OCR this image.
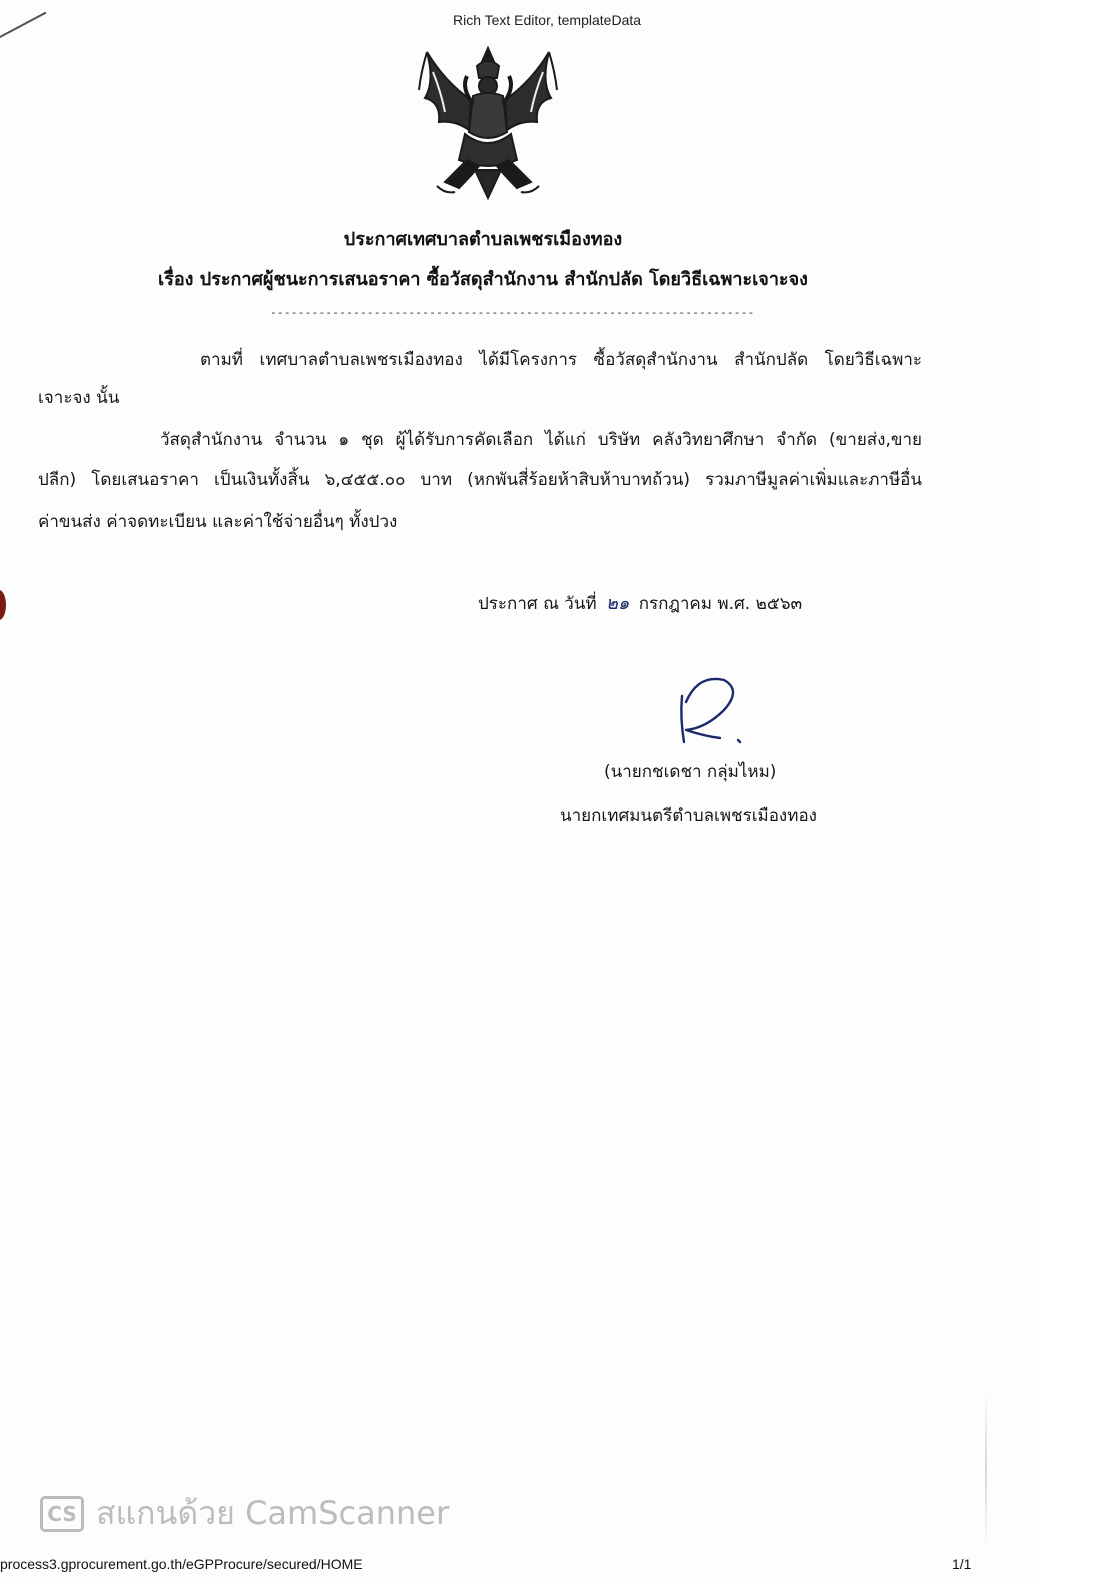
Rich Text Editor, templateData
ประกาศเทศบาลตำบลเพชรเมืองทอง
เรื่อง ประกาศผู้ชนะการเสนอราคา ซื้อวัสดุสำนักงาน สำนักปลัด โดยวิธีเฉพาะเจาะจง
----------------------------------------------------------------------
ตามที่ เทศบาลตำบลเพชรเมืองทอง ได้มีโครงการ ซื้อวัสดุสำนักงาน สำนักปลัด โดยวิธีเฉพาะ
เจาะจง นั้น
วัสดุสำนักงาน จำนวน ๑ ชุด ผู้ได้รับการคัดเลือก ได้แก่ บริษัท คลังวิทยาศึกษา จำกัด (ขายส่ง,ขาย
ปลีก) โดยเสนอราคา เป็นเงินทั้งสิ้น ๖,๔๕๕.๐๐ บาท (หกพันสี่ร้อยห้าสิบห้าบาทถ้วน) รวมภาษีมูลค่าเพิ่มและภาษีอื่น
ค่าขนส่ง ค่าจดทะเบียน และค่าใช้จ่ายอื่นๆ ทั้งปวง
ประกาศ ณ วันที่ ๒๑ กรกฎาคม พ.ศ. ๒๕๖๓
(นายกชเดชา กลุ่มไหม)
นายกเทศมนตรีตำบลเพชรเมืองทอง
CS สแกนด้วย CamScanner
process3.gprocurement.go.th/eGPProcure/secured/HOME	1/1
